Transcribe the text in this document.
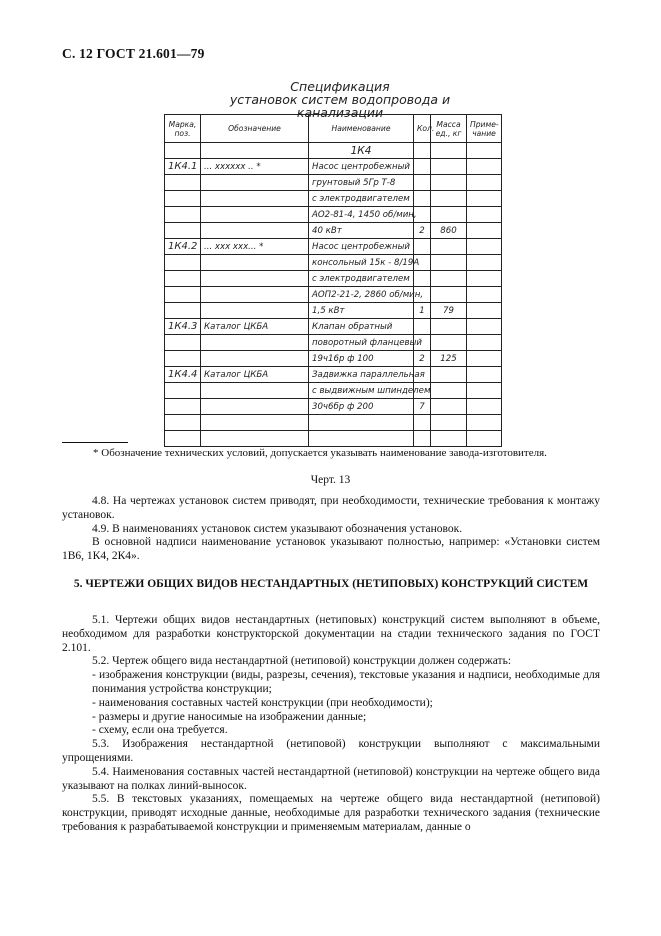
С. 12 ГОСТ 21.601—79
Спецификация
установок систем водопровода и канализации
Марка, поз.	Обозначение	Наименование	Кол.	Масса ед., кг	Приме- чание
		1К4			
1К4.1	... хххххх .. *	Насос центробежный			
		грунтовый 5Гр Т-8			
		с электродвигателем			
		АО2-81-4, 1450 об/мин,			
		40 кВт	2	860	
1К4.2	... ххх ххх... *	Насос центробежный			
		консольный 15к - 8/19А			
		с электродвигателем			
		АОП2-21-2, 2860 об/мин,			
		1,5 кВт	1	79	
1К4.3	Каталог ЦКБА	Клапан обратный			
		поворотный фланцевый			
		19ч16р ф 100	2	125	
1К4.4	Каталог ЦКБА	Задвижка параллельная			
		с выдвижным шпинделем			
		30ч6бр ф 200	7		

* Обозначение технических условий, допускается указывать наименование завода-изготовителя.
Черт. 13

4.8. На чертежах установок систем приводят, при необходимости, технические требования к монтажу установок.

4.9. В наименованиях установок систем указывают обозначения установок.

В основной надписи наименование установок указывают полностью, например: «Установки систем 1В6, 1К4, 2К4».

5. ЧЕРТЕЖИ ОБЩИХ ВИДОВ НЕСТАНДАРТНЫХ (НЕТИПОВЫХ) КОНСТРУКЦИЙ СИСТЕМ

5.1. Чертежи общих видов нестандартных (нетиповых) конструкций систем выполняют в объеме, необходимом для разработки конструкторской документации на стадии технического задания по ГОСТ 2.101.

5.2. Чертеж общего вида нестандартной (нетиповой) конструкции должен содержать:

- изображения конструкции (виды, разрезы, сечения), текстовые указания и надписи, необходимые для понимания устройства конструкции;

- наименования составных частей конструкции (при необходимости);

- размеры и другие наносимые на изображении данные;

- схему, если она требуется.

5.3. Изображения нестандартной (нетиповой) конструкции выполняют с максимальными упрощениями.

5.4. Наименования составных частей нестандартной (нетиповой) конструкции на чертеже общего вида указывают на полках линий-выносок.

5.5. В текстовых указаниях, помещаемых на чертеже общего вида нестандартной (нетиповой) конструкции, приводят исходные данные, необходимые для разработки технического задания (технические требования к разрабатываемой конструкции и применяемым материалам, данные о
